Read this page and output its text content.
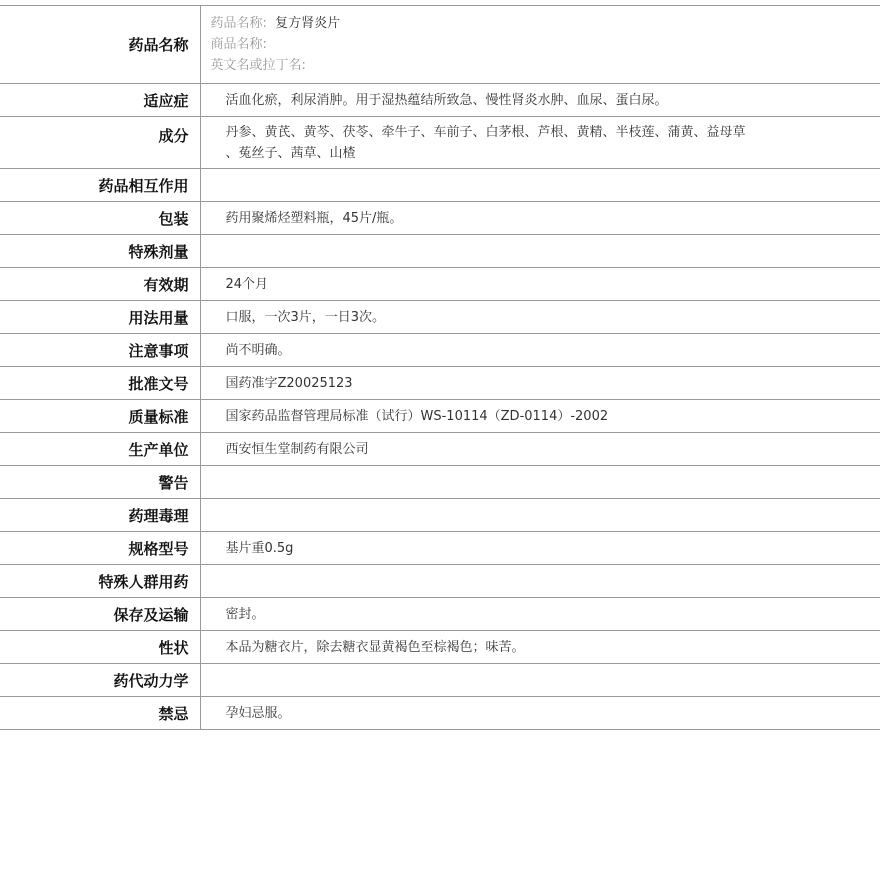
药品名称	药品名称: 复方肾炎片
商品名称:
英文名或拉丁名:

适应症	活血化瘀，利尿消肿。用于湿热蕴结所致急、慢性肾炎水肿、血尿、蛋白尿。
成分	丹参、黄芪、黄芩、茯苓、牵牛子、车前子、白茅根、芦根、黄精、半枝莲、蒲黄、益母草
、菟丝子、茜草、山楂

药品相互作用	
包装	药用聚烯烃塑料瓶，45片/瓶。
特殊剂量	
有效期	24个月
用法用量	口服，一次3片，一日3次。
注意事项	尚不明确。
批准文号	国药准字Z20025123
质量标准	国家药品监督管理局标准（试行）WS-10114（ZD-0114）-2002
生产单位	西安恒生堂制药有限公司
警告	
药理毒理	
规格型号	基片重0.5g
特殊人群用药	
保存及运输	密封。
性状	本品为糖衣片，除去糖衣显黄褐色至棕褐色；味苦。
药代动力学	
禁忌	孕妇忌服。
